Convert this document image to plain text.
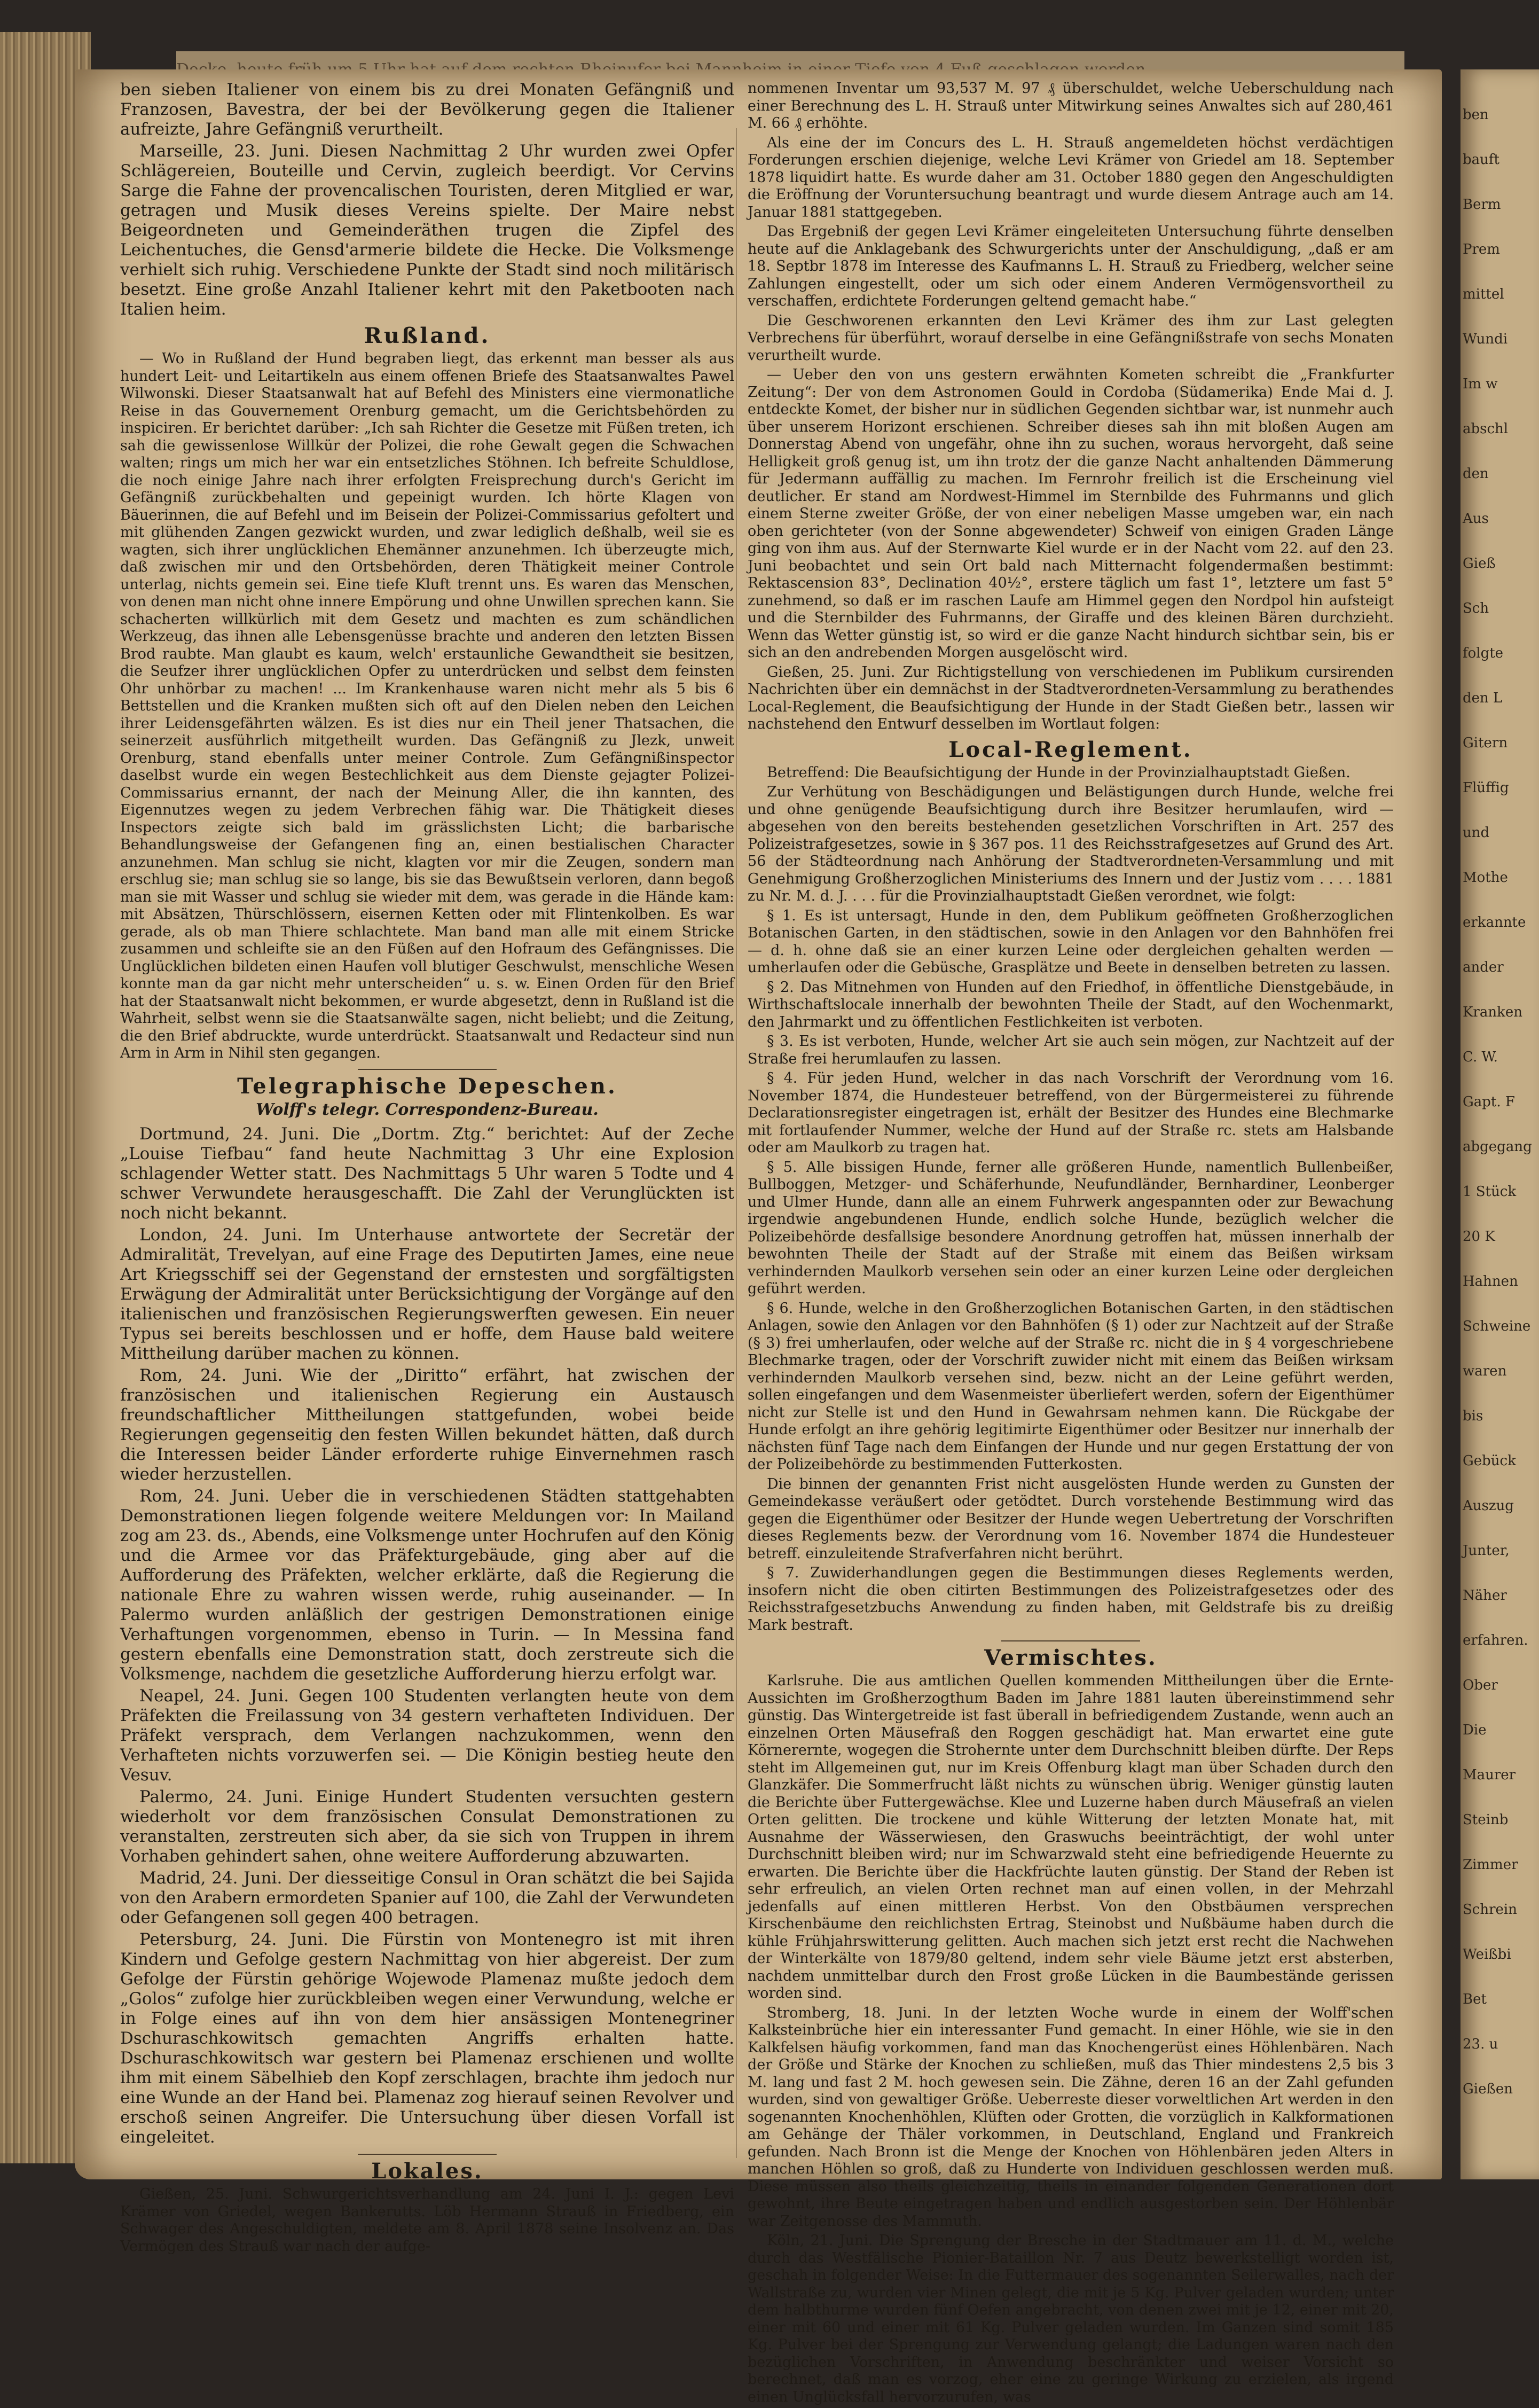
ben
bauft
Berm
Prem
mittel
Wundi
Im w
abschl
den
Aus
Gieß
Sch
folgte
den L
Gitern
Flüffig
und
Mothe
erkannte
ander
Kranken
C. W.
Gapt. F
abgegang
1 Stück
20 K
Hahnen
Schweine
waren
bis
Gebück
Auszug
Junter,
Näher
erfahren.
Ober
Die
Maurer
Steinb
Zimmer
Schrein
Weißbi
Bet
23. u
Gießen

ben sieben Italiener von einem bis zu drei Monaten Gefängniß und Franzosen, Bavestra, der bei der Bevölkerung gegen die Italiener aufreizte, Jahre Gefängniß verurtheilt.

Marseille, 23. Juni. Diesen Nachmittag 2 Uhr wurden zwei Opfer Schlägereien, Bouteille und Cervin, zugleich beerdigt. Vor Cervins Sarge die Fahne der provencalischen Touristen, deren Mitglied er war, getragen und Musik dieses Vereins spielte. Der Maire nebst Beigeordneten und Gemeinderäthen trugen die Zipfel des Leichentuches, die Gensd'armerie bildete die Hecke. Die Volksmenge verhielt sich ruhig. Verschiedene Punkte der Stadt sind noch militärisch besetzt. Eine große Anzahl Italiener kehrt mit den Paketbooten nach Italien heim.

Rußland.

— Wo in Rußland der Hund begraben liegt, das erkennt man besser als aus hundert Leit- und Leitartikeln aus einem offenen Briefe des Staatsanwaltes Pawel Wilwonski. Dieser Staatsanwalt hat auf Befehl des Ministers eine viermonatliche Reise in das Gouvernement Orenburg gemacht, um die Gerichtsbehörden zu inspiciren. Er berichtet darüber: „Ich sah Richter die Gesetze mit Füßen treten, ich sah die gewissenlose Willkür der Polizei, die rohe Gewalt gegen die Schwachen walten; rings um mich her war ein entsetzliches Stöhnen. Ich befreite Schuldlose, die noch einige Jahre nach ihrer erfolgten Freisprechung durch's Gericht im Gefängniß zurückbehalten und gepeinigt wurden. Ich hörte Klagen von Bäuerinnen, die auf Befehl und im Beisein der Polizei-Commissarius gefoltert und mit glühenden Zangen gezwickt wurden, und zwar lediglich deßhalb, weil sie es wagten, sich ihrer unglücklichen Ehemänner anzunehmen. Ich überzeugte mich, daß zwischen mir und den Ortsbehörden, deren Thätigkeit meiner Controle unterlag, nichts gemein sei. Eine tiefe Kluft trennt uns. Es waren das Menschen, von denen man nicht ohne innere Empörung und ohne Unwillen sprechen kann. Sie schacherten willkürlich mit dem Gesetz und machten es zum schändlichen Werkzeug, das ihnen alle Lebensgenüsse brachte und anderen den letzten Bissen Brod raubte. Man glaubt es kaum, welch' erstaunliche Gewandtheit sie besitzen, die Seufzer ihrer unglücklichen Opfer zu unterdrücken und selbst dem feinsten Ohr unhörbar zu machen! ... Im Krankenhause waren nicht mehr als 5 bis 6 Bettstellen und die Kranken mußten sich oft auf den Dielen neben den Leichen ihrer Leidensgefährten wälzen. Es ist dies nur ein Theil jener Thatsachen, die seinerzeit ausführlich mitgetheilt wurden. Das Gefängniß zu Jlezk, unweit Orenburg, stand ebenfalls unter meiner Controle. Zum Gefängnißinspector daselbst wurde ein wegen Bestechlichkeit aus dem Dienste gejagter Polizei-Commissarius ernannt, der nach der Meinung Aller, die ihn kannten, des Eigennutzes wegen zu jedem Verbrechen fähig war. Die Thätigkeit dieses Inspectors zeigte sich bald im grässlichsten Licht; die barbarische Behandlungsweise der Gefangenen fing an, einen bestialischen Character anzunehmen. Man schlug sie nicht, klagten vor mir die Zeugen, sondern man erschlug sie; man schlug sie so lange, bis sie das Bewußtsein verloren, dann begoß man sie mit Wasser und schlug sie wieder mit dem, was gerade in die Hände kam: mit Absätzen, Thürschlössern, eisernen Ketten oder mit Flintenkolben. Es war gerade, als ob man Thiere schlachtete. Man band man alle mit einem Stricke zusammen und schleifte sie an den Füßen auf den Hofraum des Gefängnisses. Die Unglücklichen bildeten einen Haufen voll blutiger Geschwulst, menschliche Wesen konnte man da gar nicht mehr unterscheiden“ u. s. w. Einen Orden für den Brief hat der Staatsanwalt nicht bekommen, er wurde abgesetzt, denn in Rußland ist die Wahrheit, selbst wenn sie die Staatsanwälte sagen, nicht beliebt; und die Zeitung, die den Brief abdruckte, wurde unterdrückt. Staatsanwalt und Redacteur sind nun Arm in Arm in Nihil sten gegangen.

Telegraphische Depeschen.
Wolff's telegr. Correspondenz-Bureau.

Dortmund, 24. Juni. Die „Dortm. Ztg.“ berichtet: Auf der Zeche „Louise Tiefbau“ fand heute Nachmittag 3 Uhr eine Explosion schlagender Wetter statt. Des Nachmittags 5 Uhr waren 5 Todte und 4 schwer Verwundete herausgeschafft. Die Zahl der Verunglückten ist noch nicht bekannt.

London, 24. Juni. Im Unterhause antwortete der Secretär der Admiralität, Trevelyan, auf eine Frage des Deputirten James, eine neue Art Kriegsschiff sei der Gegenstand der ernstesten und sorgfältigsten Erwägung der Admiralität unter Berücksichtigung der Vorgänge auf den italienischen und französischen Regierungswerften gewesen. Ein neuer Typus sei bereits beschlossen und er hoffe, dem Hause bald weitere Mittheilung darüber machen zu können.

Rom, 24. Juni. Wie der „Diritto“ erfährt, hat zwischen der französischen und italienischen Regierung ein Austausch freundschaftlicher Mittheilungen stattgefunden, wobei beide Regierungen gegenseitig den festen Willen bekundet hätten, daß durch die Interessen beider Länder erforderte ruhige Einvernehmen rasch wieder herzustellen.

Rom, 24. Juni. Ueber die in verschiedenen Städten stattgehabten Demonstrationen liegen folgende weitere Meldungen vor: In Mailand zog am 23. ds., Abends, eine Volksmenge unter Hochrufen auf den König und die Armee vor das Präfekturgebäude, ging aber auf die Aufforderung des Präfekten, welcher erklärte, daß die Regierung die nationale Ehre zu wahren wissen werde, ruhig auseinander. — In Palermo wurden anläßlich der gestrigen Demonstrationen einige Verhaftungen vorgenommen, ebenso in Turin. — In Messina fand gestern ebenfalls eine Demonstration statt, doch zerstreute sich die Volksmenge, nachdem die gesetzliche Aufforderung hierzu erfolgt war.

Neapel, 24. Juni. Gegen 100 Studenten verlangten heute von dem Präfekten die Freilassung von 34 gestern verhafteten Individuen. Der Präfekt versprach, dem Verlangen nachzukommen, wenn den Verhafteten nichts vorzuwerfen sei. — Die Königin bestieg heute den Vesuv.

Palermo, 24. Juni. Einige Hundert Studenten versuchten gestern wiederholt vor dem französischen Consulat Demonstrationen zu veranstalten, zerstreuten sich aber, da sie sich von Truppen in ihrem Vorhaben gehindert sahen, ohne weitere Aufforderung abzuwarten.

Madrid, 24. Juni. Der diesseitige Consul in Oran schätzt die bei Sajida von den Arabern ermordeten Spanier auf 100, die Zahl der Verwundeten oder Gefangenen soll gegen 400 betragen.

Petersburg, 24. Juni. Die Fürstin von Montenegro ist mit ihren Kindern und Gefolge gestern Nachmittag von hier abgereist. Der zum Gefolge der Fürstin gehörige Wojewode Plamenaz mußte jedoch dem „Golos“ zufolge hier zurückbleiben wegen einer Verwundung, welche er in Folge eines auf ihn von dem hier ansässigen Montenegriner Dschuraschkowitsch gemachten Angriffs erhalten hatte. Dschuraschkowitsch war gestern bei Plamenaz erschienen und wollte ihm mit einem Säbelhieb den Kopf zerschlagen, brachte ihm jedoch nur eine Wunde an der Hand bei. Plamenaz zog hierauf seinen Revolver und erschoß seinen Angreifer. Die Untersuchung über diesen Vorfall ist eingeleitet.

Lokales.

Gießen, 25. Juni. Schwurgerichtsverhandlung am 24. Juni I. J.: gegen Levi Krämer von Griedel, wegen Bankerutts. Löb Hermann Strauß in Friedberg, ein Schwager des Angeschuldigten, meldete am 8. April 1878 seine Insolvenz an. Das Vermögen des Strauß war nach der aufge-

nommenen Inventar um 93,537 M. 97 ₰ überschuldet, welche Ueberschuldung nach einer Berechnung des L. H. Strauß unter Mitwirkung seines Anwaltes sich auf 280,461 M. 66 ₰ erhöhte.

Als eine der im Concurs des L. H. Strauß angemeldeten höchst verdächtigen Forderungen erschien diejenige, welche Levi Krämer von Griedel am 18. September 1878 liquidirt hatte. Es wurde daher am 31. October 1880 gegen den Angeschuldigten die Eröffnung der Voruntersuchung beantragt und wurde diesem Antrage auch am 14. Januar 1881 stattgegeben.

Das Ergebniß der gegen Levi Krämer eingeleiteten Untersuchung führte denselben heute auf die Anklagebank des Schwurgerichts unter der Anschuldigung, „daß er am 18. Septbr 1878 im Interesse des Kaufmanns L. H. Strauß zu Friedberg, welcher seine Zahlungen eingestellt, oder um sich oder einem Anderen Vermögensvortheil zu verschaffen, erdichtete Forderungen geltend gemacht habe.“

Die Geschworenen erkannten den Levi Krämer des ihm zur Last gelegten Verbrechens für überführt, worauf derselbe in eine Gefängnißstrafe von sechs Monaten verurtheilt wurde.

— Ueber den von uns gestern erwähnten Kometen schreibt die „Frankfurter Zeitung“: Der von dem Astronomen Gould in Cordoba (Südamerika) Ende Mai d. J. entdeckte Komet, der bisher nur in südlichen Gegenden sichtbar war, ist nunmehr auch über unserem Horizont erschienen. Schreiber dieses sah ihn mit bloßen Augen am Donnerstag Abend von ungefähr, ohne ihn zu suchen, woraus hervorgeht, daß seine Helligkeit groß genug ist, um ihn trotz der die ganze Nacht anhaltenden Dämmerung für Jedermann auffällig zu machen. Im Fernrohr freilich ist die Erscheinung viel deutlicher. Er stand am Nordwest-Himmel im Sternbilde des Fuhrmanns und glich einem Sterne zweiter Größe, der von einer nebeligen Masse umgeben war, ein nach oben gerichteter (von der Sonne abgewendeter) Schweif von einigen Graden Länge ging von ihm aus. Auf der Sternwarte Kiel wurde er in der Nacht vom 22. auf den 23. Juni beobachtet und sein Ort bald nach Mitternacht folgendermaßen bestimmt: Rektascension 83°, Declination 40½°, ersterе täglich um fast 1°, letztere um fast 5° zunehmend, so daß er im raschen Laufe am Himmel gegen den Nordpol hin aufsteigt und die Sternbilder des Fuhrmanns, der Giraffe und des kleinen Bären durchzieht. Wenn das Wetter günstig ist, so wird er die ganze Nacht hindurch sichtbar sein, bis er sich an den andrebenden Morgen ausgelöscht wird.

Gießen, 25. Juni. Zur Richtigstellung von verschiedenen im Publikum cursirenden Nachrichten über ein demnächst in der Stadtverordneten-Versammlung zu berathendes Local-Reglement, die Beaufsichtigung der Hunde in der Stadt Gießen betr., lassen wir nachstehend den Entwurf desselben im Wortlaut folgen:

Local-Reglement.

Betreffend: Die Beaufsichtigung der Hunde in der Provinzialhauptstadt Gießen.

Zur Verhütung von Beschädigungen und Belästigungen durch Hunde, welche frei und ohne genügende Beaufsichtigung durch ihre Besitzer herumlaufen, wird — abgesehen von den bereits bestehenden gesetzlichen Vorschriften in Art. 257 des Polizeistrafgesetzes, sowie in § 367 pos. 11 des Reichsstrafgesetzes auf Grund des Art. 56 der Städteordnung nach Anhörung der Stadtverordneten-Versammlung und mit Genehmigung Großherzoglichen Ministeriums des Innern und der Justiz vom . . . . 1881 zu Nr. M. d. J. . . . für die Provinzialhauptstadt Gießen verordnet, wie folgt:

§ 1. Es ist untersagt, Hunde in den, dem Publikum geöffneten Großherzoglichen Botanischen Garten, in den städtischen, sowie in den Anlagen vor den Bahnhöfen frei — d. h. ohne daß sie an einer kurzen Leine oder dergleichen gehalten werden — umherlaufen oder die Gebüsche, Grasplätze und Beete in denselben betreten zu lassen.

§ 2. Das Mitnehmen von Hunden auf den Friedhof, in öffentliche Dienstgebäude, in Wirthschaftslocale innerhalb der bewohnten Theile der Stadt, auf den Wochenmarkt, den Jahrmarkt und zu öffentlichen Festlichkeiten ist verboten.

§ 3. Es ist verboten, Hunde, welcher Art sie auch sein mögen, zur Nachtzeit auf der Straße frei herumlaufen zu lassen.

§ 4. Für jeden Hund, welcher in das nach Vorschrift der Verordnung vom 16. November 1874, die Hundesteuer betreffend, von der Bürgermeisterei zu führende Declarationsregister eingetragen ist, erhält der Besitzer des Hundes eine Blechmarke mit fortlaufender Nummer, welche der Hund auf der Straße rc. stets am Halsbande oder am Maulkorb zu tragen hat.

§ 5. Alle bissigen Hunde, ferner alle größeren Hunde, namentlich Bullenbeißer, Bullboggen, Metzger- und Schäferhunde, Neufundländer, Bernhardiner, Leonberger und Ulmer Hunde, dann alle an einem Fuhrwerk angespannten oder zur Bewachung irgendwie angebundenen Hunde, endlich solche Hunde, bezüglich welcher die Polizeibehörde desfallsige besondere Anordnung getroffen hat, müssen innerhalb der bewohnten Theile der Stadt auf der Straße mit einem das Beißen wirksam verhindernden Maulkorb versehen sein oder an einer kurzen Leine oder dergleichen geführt werden.

§ 6. Hunde, welche in den Großherzoglichen Botanischen Garten, in den städtischen Anlagen, sowie den Anlagen vor den Bahnhöfen (§ 1) oder zur Nachtzeit auf der Straße (§ 3) frei umherlaufen, oder welche auf der Straße rc. nicht die in § 4 vorgeschriebene Blechmarke tragen, oder der Vorschrift zuwider nicht mit einem das Beißen wirksam verhindernden Maulkorb versehen sind, bezw. nicht an der Leine geführt werden, sollen eingefangen und dem Wasenmeister überliefert werden, sofern der Eigenthümer nicht zur Stelle ist und den Hund in Gewahrsam nehmen kann. Die Rückgabe der Hunde erfolgt an ihre gehörig legitimirte Eigenthümer oder Besitzer nur innerhalb der nächsten fünf Tage nach dem Einfangen der Hunde und nur gegen Erstattung der von der Polizeibehörde zu bestimmenden Futterkosten.

Die binnen der genannten Frist nicht ausgelösten Hunde werden zu Gunsten der Gemeindekasse veräußert oder getödtet. Durch vorstehende Bestimmung wird das gegen die Eigenthümer oder Besitzer der Hunde wegen Uebertretung der Vorschriften dieses Reglements bezw. der Verordnung vom 16. November 1874 die Hundesteuer betreff. einzuleitende Strafverfahren nicht berührt.

§ 7. Zuwiderhandlungen gegen die Bestimmungen dieses Reglements werden, insofern nicht die oben citirten Bestimmungen des Polizeistrafgesetzes oder des Reichsstrafgesetzbuchs Anwendung zu finden haben, mit Geldstrafe bis zu dreißig Mark bestraft.

Vermischtes.

Karlsruhe. Die aus amtlichen Quellen kommenden Mittheilungen über die Ernte-Aussichten im Großherzogthum Baden im Jahre 1881 lauten übereinstimmend sehr günstig. Das Wintergetreide ist fast überall in befriedigendem Zustande, wenn auch an einzelnen Orten Mäusefraß den Roggen geschädigt hat. Man erwartet eine gute Körnerernte, wogegen die Strohernte unter dem Durchschnitt bleiben dürfte. Der Reps steht im Allgemeinen gut, nur im Kreis Offenburg klagt man über Schaden durch den Glanzkäfer. Die Sommerfrucht läßt nichts zu wünschen übrig. Weniger günstig lauten die Berichte über Futtergewächse. Klee und Luzerne haben durch Mäusefraß an vielen Orten gelitten. Die trockene und kühle Witterung der letzten Monate hat, mit Ausnahme der Wässerwiesen, den Graswuchs beeinträchtigt, der wohl unter Durchschnitt bleiben wird; nur im Schwarzwald steht eine befriedigende Heuernte zu erwarten. Die Berichte über die Hackfrüchte lauten günstig. Der Stand der Reben ist sehr erfreulich, an vielen Orten rechnet man auf einen vollen, in der Mehrzahl jedenfalls auf einen mittleren Herbst. Von den Obstbäumen versprechen Kirschenbäume den reichlichsten Ertrag, Steinobst und Nußbäume haben durch die kühle Frühjahrswitterung gelitten. Auch machen sich jetzt erst recht die Nachwehen der Winterkälte von 1879/80 geltend, indem sehr viele Bäume jetzt erst absterben, nachdem unmittelbar durch den Frost große Lücken in die Baumbestände gerissen worden sind.

Stromberg, 18. Juni. In der letzten Woche wurde in einem der Wolff'schen Kalksteinbrüche hier ein interessanter Fund gemacht. In einer Höhle, wie sie in den Kalkfelsen häufig vorkommen, fand man das Knochengerüst eines Höhlenbären. Nach der Größe und Stärke der Knochen zu schließen, muß das Thier mindestens 2,5 bis 3 M. lang und fast 2 M. hoch gewesen sein. Die Zähne, deren 16 an der Zahl gefunden wurden, sind von gewaltiger Größe. Ueberreste dieser vorweltlichen Art werden in den sogenannten Knochenhöhlen, Klüften oder Grotten, die vorzüglich in Kalkformationen am Gehänge der Thäler vorkommen, in Deutschland, England und Frankreich gefunden. Nach Bronn ist die Menge der Knochen von Höhlenbären jeden Alters in manchen Höhlen so groß, daß zu Hunderte von Individuen geschlossen werden muß. Diese müssen also theils gleichzeitig, theils in einander folgenden Generationen dort gewohnt, ihre Beute eingetragen haben und endlich ausgestorben sein. Der Höhlenbär war Zeitgenosse des Mammuth.

Köln, 21. Juni. Die Sprengung der Bresche in der Stadtmauer am 11. d. M., welche durch das Westfälische Pionier-Bataillon Nr. 7 aus Deutz bewerkstelligt worden ist, geschah in folgender Weise: In die Futtermauer des sogenannten Seilerwalles, nach der Wallstraße zu, wurden vier Minen gelegt, die mit je 5 Kg. Pulver geladen wurden; unter dem halbthurme wurden fünf Oefen angebracht, von denen zwei mit je 12, einer mit 20, einer mit 60 und einer mit 61 Kg. Pulver geladen wurden. Im Ganzen sind somit 185 Kg. Pulver bei der Sprengung zur Verwendung gelangt; die Ladungen waren nach den bezüglichen Vorschriften, in Anwendung beschränkter und weiser Vorsicht so berechnet, daß man es vorzog, eher eine zu geringe Wirkung zu erzielen, als irgend einen Unglücksfall hervorzurufen, was
